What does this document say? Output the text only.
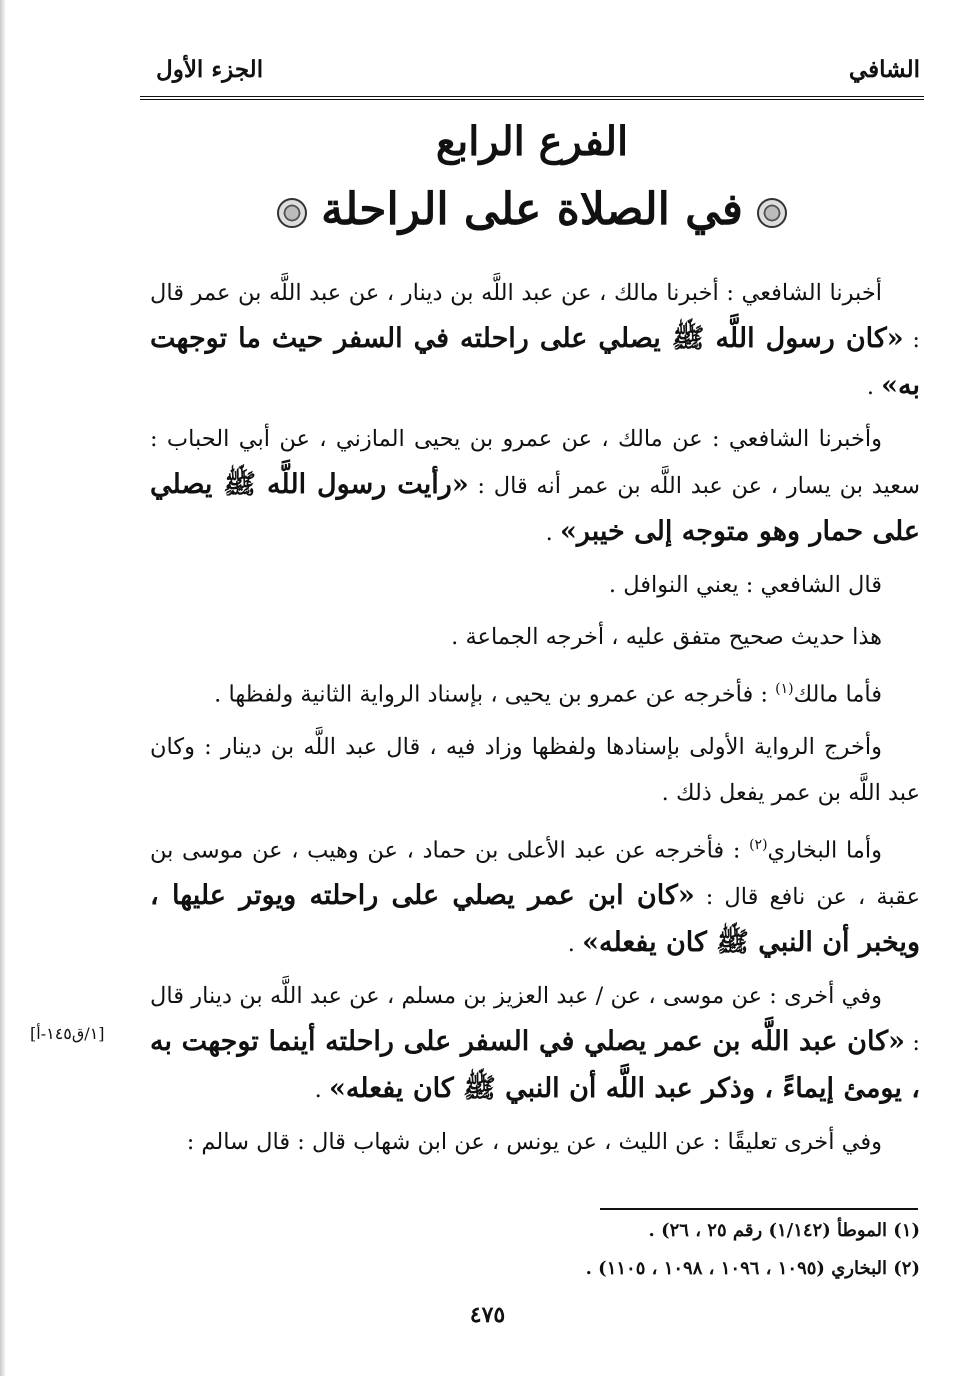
الشافي
الجزء الأول
الفرع الرابع
في الصلاة على الراحلة

أخبرنا الشافعي : أخبرنا مالك ، عن عبد اللَّه بن دينار ، عن عبد اللَّه بن عمر قال : «كان رسول اللَّه ﷺ يصلي على راحلته في السفر حيث ما توجهت به» .

وأخبرنا الشافعي : عن مالك ، عن عمرو بن يحيى المازني ، عن أبي الحباب : سعيد بن يسار ، عن عبد اللَّه بن عمر أنه قال : «رأيت رسول اللَّه ﷺ يصلي على حمار وهو متوجه إلى خيبر» .

قال الشافعي : يعني النوافل .

هذا حديث صحيح متفق عليه ، أخرجه الجماعة .

فأما مالك$^{(١)}$ : فأخرجه عن عمرو بن يحيى ، بإسناد الرواية الثانية ولفظها .

وأخرج الرواية الأولى بإسنادها ولفظها وزاد فيه ، قال عبد اللَّه بن دينار : وكان عبد اللَّه بن عمر يفعل ذلك .

وأما البخاري$^{(٢)}$ : فأخرجه عن عبد الأعلى بن حماد ، عن وهيب ، عن موسى بن عقبة ، عن نافع قال : «كان ابن عمر يصلي على راحلته ويوتر عليها ، ويخبر أن النبي ﷺ كان يفعله» .

وفي أخرى : عن موسى ، عن / عبد العزيز بن مسلم ، عن عبد اللَّه بن دينار قال : «كان عبد اللَّه بن عمر يصلي في السفر على راحلته أينما توجهت به ، يومئ إيماءً ، وذكر عبد اللَّه أن النبي ﷺ كان يفعله» .

وفي أخرى تعليقًا : عن الليث ، عن يونس ، عن ابن شهاب قال : قال سالم :

[١/ق١٤٥-أ]
(١) الموطأ (١/١٤٢) رقم ٢٥ ، ٢٦) .
(٢) البخاري (١٠٩٥ ، ١٠٩٦ ، ١٠٩٨ ، ١١٠٥) .
٤٧٥
